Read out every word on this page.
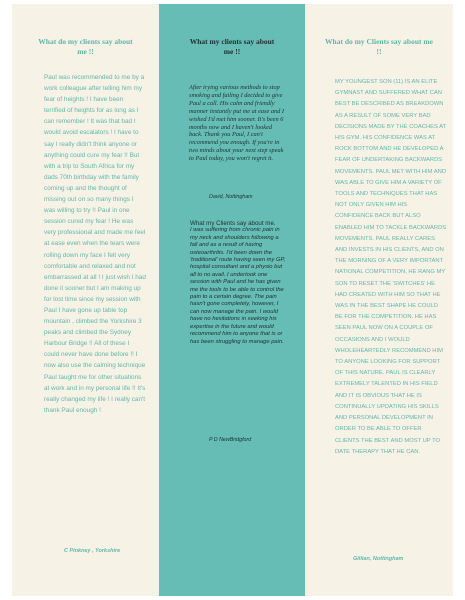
What do my clients say about me !!
Paul was recommended to me by a work colleague after telling him my fear of heights ! I have been terrified of heights for as long as I can remember ! It was that bad I would avoid escalators ! I have to say I really didn't think anyone or anything could cure my fear !! But with a trip to South Africa for my dads 70th birthday with the family coming up and the thought of missing out on so many things I was willing to try !! Paul in one session cured my fear ! He was very professional and made me feel at ease even when the tears were rolling down my face I felt very comfortable and relaxed and not embarrassed at all ! I just wish I had done it sooner but I am making up for lost time since my session with Paul I have gone up table top mountain , climbed the Yorkshire 3 peaks and climbed the Sydney Harbour Bridge !! All of these I could never have done before !! I now also use the calming technique Paul taught me for other situations at work and in my personal life !! It's really changed my life ! I really can't thank Paul enough !
C Pinkney , Yorkshire
What my clients say about me !!
After trying various methods to stop smoking and failing I decided to give Paul a call. His calm and friendly manner instantly put me at ease and I wished I'd met him sooner. It's been 6 months now and I haven't looked back. Thank you Paul, I can't recommend you enough. If you're in two minds about your next step speak to Paul today, you won't regret it.
David, Nottingham
What my Clients say about me.
I was suffering from chronic pain in my neck and shoulders following a fall and as a result of having osteoarthritis. I'd been down the 'traditional' route having seen my GP, hospital consultant and a physio but all to no avail. I undertook one session with Paul and he has given me the tools to be able to control the pain to a certain degree. The pain hasn't gone completely, however, I can now manage the pain. I would have no hesitations in seeking his expertise in the future and would recommend him to anyone that is or has been struggling to manage pain.
P D NewBridgford
What do my Clients say about me !!
MY YOUNGEST SON (11) IS AN ELITE GYMNAST AND SUFFERED WHAT CAN BEST BE DESCRIBED AS BREAKDOWN AS A RESULT OF SOME VERY BAD DECISIONS MADE BY THE COACHES AT HIS GYM. HIS CONFIDENCE WAS AT ROCK BOTTOM AND HE DEVELOPED A FEAR OF UNDERTAKING BACKWARDS MOVEMENTS. PAUL MET WITH HIM AND WAS ABLE TO GIVE HIM A VARIETY OF TOOLS AND TECHNIQUES THAT HAS NOT ONLY GIVEN HIM HIS CONFIDENCE BACK BUT ALSO ENABLED HIM TO TACKLE BACKWARDS MOVEMENTS. PAUL REALLY CARES AND INVESTS IN HIS CLIENTS, AND ON THE MORNING OF A VERY IMPORTANT NATIONAL COMPETITION, HE RANG MY SON TO RESET THE 'SWITCHES' HE HAD CREATED WITH HIM SO THAT HE WAS IN THE BEST SHAPE HE COULD BE FOR THE COMPETITION. HE HAS SEEN PAUL NOW ON A COUPLE OF OCCASIONS AND I WOULD WHOLEHEARTEDLY RECOMMEND HIM TO ANYONE LOOKING FOR SUPPORT OF THIS NATURE. PAUL IS CLEARLY EXTREMELY TALENTED IN HIS FIELD AND IT IS OBVIOUS THAT HE IS CONTINUALLY UPDATING HIS SKILLS AND PERSONAL DEVELOPMENT IN ORDER TO BE ABLE TO OFFER CLIENTS THE BEST AND MOST UP TO DATE THERAPY THAT HE CAN.
Gillian, Nottingham
